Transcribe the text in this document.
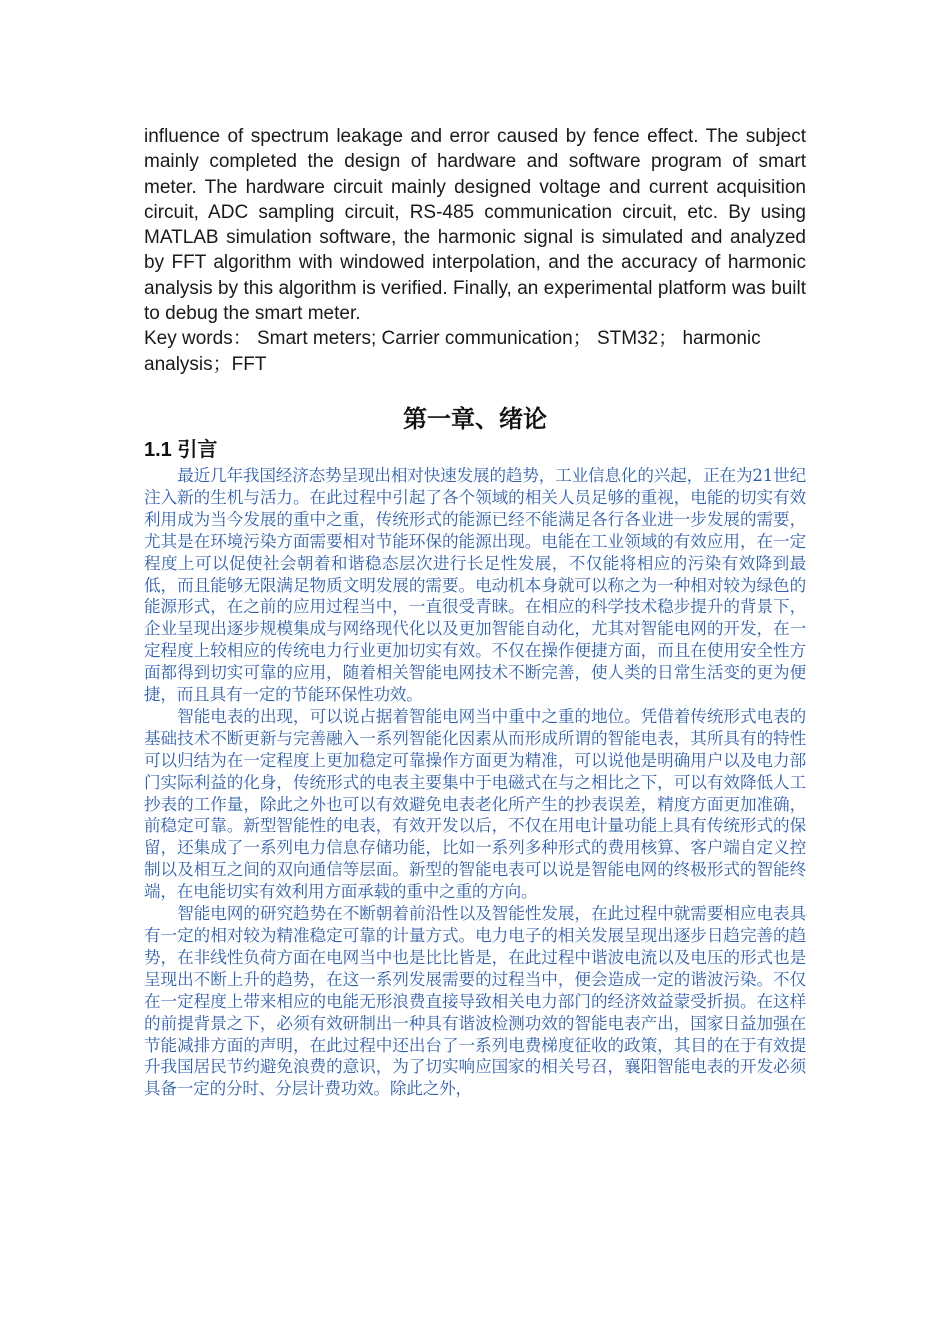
influence of spectrum leakage and error caused by fence effect. The subject mainly completed the design of hardware and software program of smart meter. The hardware circuit mainly designed voltage and current acquisition circuit, ADC sampling circuit, RS-485 communication circuit, etc. By using MATLAB simulation software, the harmonic signal is simulated and analyzed by FFT algorithm with windowed interpolation, and the accuracy of harmonic analysis by this algorithm is verified. Finally, an experimental platform was built to debug the smart meter.

Key words： Smart meters; Carrier communication； STM32； harmonic analysis；FFT

第一章、绪论
1.1 引言

最近几年我国经济态势呈现出相对快速发展的趋势，工业信息化的兴起，正在为21世纪注入新的生机与活力。在此过程中引起了各个领域的相关人员足够的重视，电能的切实有效利用成为当今发展的重中之重，传统形式的能源已经不能满足各行各业进一步发展的需要，尤其是在环境污染方面需要相对节能环保的能源出现。电能在工业领域的有效应用，在一定程度上可以促使社会朝着和谐稳态层次进行长足性发展，不仅能将相应的污染有效降到最低，而且能够无限满足物质文明发展的需要。电动机本身就可以称之为一种相对较为绿色的能源形式，在之前的应用过程当中，一直很受青睐。在相应的科学技术稳步提升的背景下，企业呈现出逐步规模集成与网络现代化以及更加智能自动化，尤其对智能电网的开发，在一定程度上较相应的传统电力行业更加切实有效。不仅在操作便捷方面，而且在使用安全性方面都得到切实可靠的应用，随着相关智能电网技术不断完善，使人类的日常生活变的更为便捷，而且具有一定的节能环保性功效。

智能电表的出现，可以说占据着智能电网当中重中之重的地位。凭借着传统形式电表的基础技术不断更新与完善融入一系列智能化因素从而形成所谓的智能电表，其所具有的特性可以归结为在一定程度上更加稳定可靠操作方面更为精准，可以说他是明确用户以及电力部门实际利益的化身，传统形式的电表主要集中于电磁式在与之相比之下，可以有效降低人工抄表的工作量，除此之外也可以有效避免电表老化所产生的抄表误差，精度方面更加准确，前稳定可靠。新型智能性的电表，有效开发以后，不仅在用电计量功能上具有传统形式的保留，还集成了一系列电力信息存储功能，比如一系列多种形式的费用核算、客户端自定义控制以及相互之间的双向通信等层面。新型的智能电表可以说是智能电网的终极形式的智能终端，在电能切实有效利用方面承载的重中之重的方向。

智能电网的研究趋势在不断朝着前沿性以及智能性发展，在此过程中就需要相应电表具有一定的相对较为精准稳定可靠的计量方式。电力电子的相关发展呈现出逐步日趋完善的趋势，在非线性负荷方面在电网当中也是比比皆是，在此过程中谐波电流以及电压的形式也是呈现出不断上升的趋势，在这一系列发展需要的过程当中，便会造成一定的谐波污染。不仅在一定程度上带来相应的电能无形浪费直接导致相关电力部门的经济效益蒙受折损。在这样的前提背景之下，必须有效研制出一种具有谐波检测功效的智能电表产出，国家日益加强在节能减排方面的声明，在此过程中还出台了一系列电费梯度征收的政策，其目的在于有效提升我国居民节约避免浪费的意识，为了切实响应国家的相关号召，襄阳智能电表的开发必须具备一定的分时、分层计费功效。除此之外，
